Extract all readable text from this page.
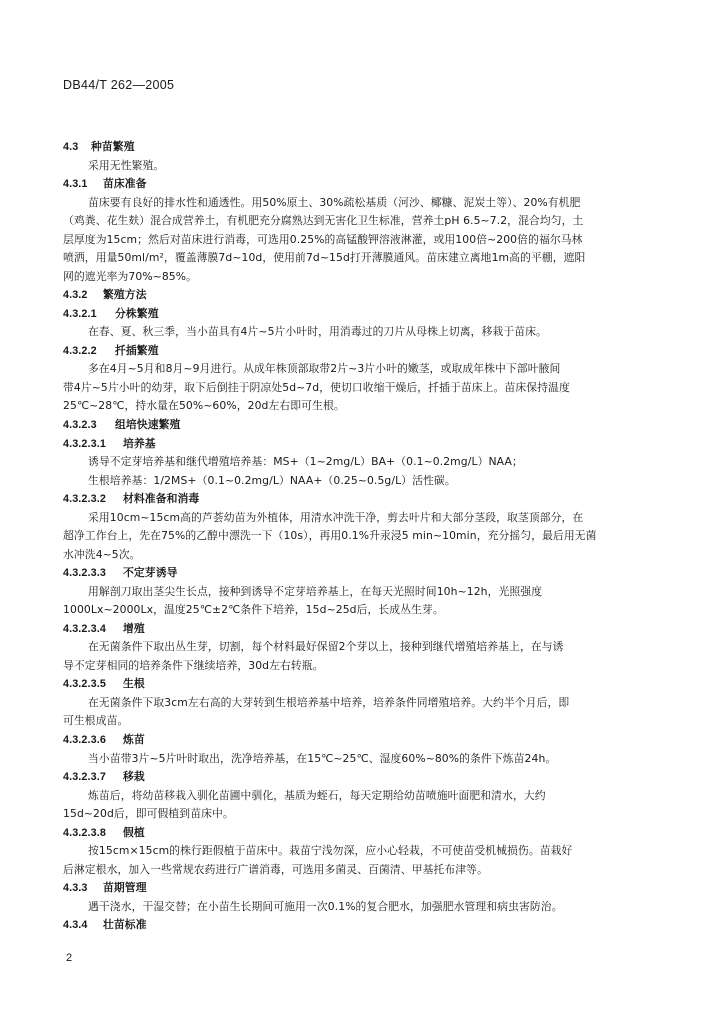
DB44/T 262—2005
4.3 种苗繁殖
采用无性繁殖。
4.3.1 苗床准备
苗床要有良好的排水性和通透性。用50%原土、30%疏松基质（河沙、椰糠、泥炭土等）、20%有机肥
（鸡粪、花生麸）混合成营养土，有机肥充分腐熟达到无害化卫生标准，营养土pH 6.5~7.2，混合均匀，土
层厚度为15cm；然后对苗床进行消毒，可选用0.25%的高锰酸钾溶液淋灌，或用100倍~200倍的福尔马林
喷洒，用量50ml/m²，覆盖薄膜7d~10d，使用前7d~15d打开薄膜通风。苗床建立离地1m高的平棚，遮阳
网的遮光率为70%~85%。
4.3.2 繁殖方法
4.3.2.1 分株繁殖
在春、夏、秋三季，当小苗具有4片~5片小叶时，用消毒过的刀片从母株上切离，移栽于苗床。
4.3.2.2 扦插繁殖
多在4月~5月和8月~9月进行。从成年株顶部取带2片~3片小叶的嫩茎，或取成年株中下部叶腋间
带4片~5片小叶的幼芽，取下后倒挂于阴凉处5d~7d，使切口收缩干燥后，扦插于苗床上。苗床保持温度
25℃~28℃，持水量在50%~60%，20d左右即可生根。
4.3.2.3 组培快速繁殖
4.3.2.3.1 培养基
诱导不定芽培养基和继代增殖培养基：MS+（1~2mg/L）BA+（0.1~0.2mg/L）NAA；
生根培养基：1/2MS+（0.1~0.2mg/L）NAA+（0.25~0.5g/L）活性碳。
4.3.2.3.2 材料准备和消毒
采用10cm~15cm高的芦荟幼苗为外植体，用清水冲洗干净，剪去叶片和大部分茎段，取茎顶部分，在
超净工作台上，先在75%的乙醇中漂洗一下（10s），再用0.1%升汞浸5 min~10min，充分摇匀，最后用无菌
水冲洗4~5次。
4.3.2.3.3 不定芽诱导
用解剖刀取出茎尖生长点，接种到诱导不定芽培养基上，在每天光照时间10h~12h，光照强度
1000Lx~2000Lx，温度25℃±2℃条件下培养，15d~25d后，长成丛生芽。
4.3.2.3.4 增殖
在无菌条件下取出丛生芽，切割，每个材料最好保留2个芽以上，接种到继代增殖培养基上，在与诱
导不定芽相同的培养条件下继续培养，30d左右转瓶。
4.3.2.3.5 生根
在无菌条件下取3cm左右高的大芽转到生根培养基中培养，培养条件同增殖培养。大约半个月后，即
可生根成苗。
4.3.2.3.6 炼苗
当小苗带3片~5片叶时取出，洗净培养基，在15℃~25℃、湿度60%~80%的条件下炼苗24h。
4.3.2.3.7 移栽
炼苗后，将幼苗移栽入驯化苗圃中驯化，基质为蛭石，每天定期给幼苗喷施叶面肥和清水，大约
15d~20d后，即可假植到苗床中。
4.3.2.3.8 假植
按15cm×15cm的株行距假植于苗床中。栽苗宁浅勿深，应小心轻栽，不可使苗受机械损伤。苗栽好
后淋定根水，加入一些常规农药进行广谱消毒，可选用多菌灵、百菌清、甲基托布津等。
4.3.3 苗期管理
遇干浇水，干湿交替；在小苗生长期间可施用一次0.1%的复合肥水，加强肥水管理和病虫害防治。
4.3.4 壮苗标准
2
